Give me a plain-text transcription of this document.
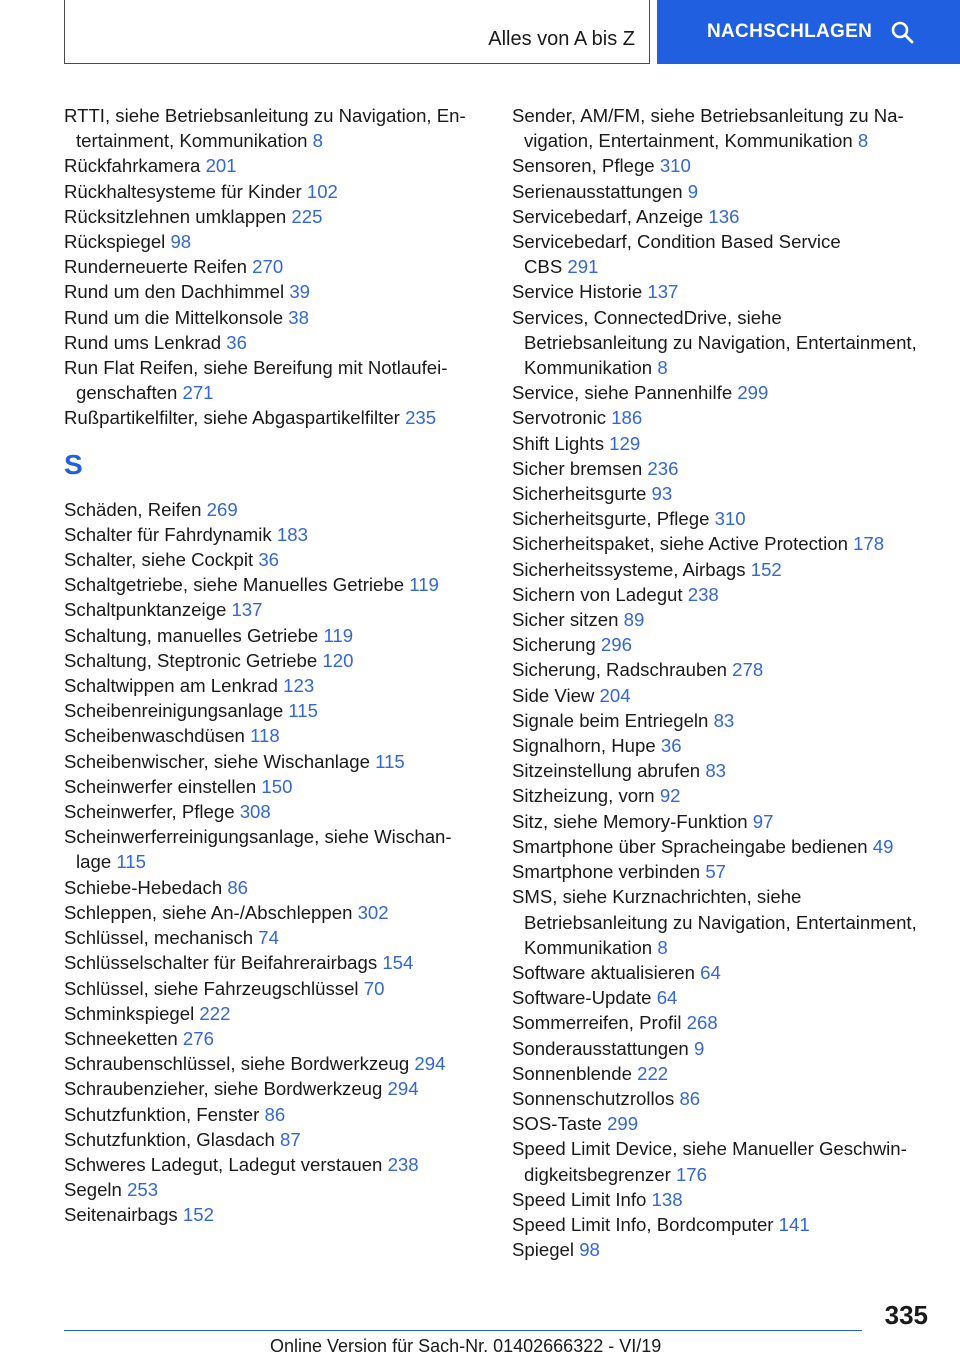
Alles von A bis Z	NACHSCHLAGEN
RTTI, siehe Betriebsanleitung zu Navigation, En-
tertainment, Kommunikation 8
Rückfahrkamera 201
Rückhaltesysteme für Kinder 102
Rücksitzlehnen umklappen 225
Rückspiegel 98
Runderneuerte Reifen 270
Rund um den Dachhimmel 39
Rund um die Mittelkonsole 38
Rund ums Lenkrad 36
Run Flat Reifen, siehe Bereifung mit Notlaufei-
genschaften 271
Rußpartikelfilter, siehe Abgaspartikelfilter 235
S
Schäden, Reifen 269
Schalter für Fahrdynamik 183
Schalter, siehe Cockpit 36
Schaltgetriebe, siehe Manuelles Getriebe 119
Schaltpunktanzeige 137
Schaltung, manuelles Getriebe 119
Schaltung, Steptronic Getriebe 120
Schaltwippen am Lenkrad 123
Scheibenreinigungsanlage 115
Scheibenwaschdüsen 118
Scheibenwischer, siehe Wischanlage 115
Scheinwerfer einstellen 150
Scheinwerfer, Pflege 308
Scheinwerferreinigungsanlage, siehe Wischan-
lage 115
Schiebe-Hebedach 86
Schleppen, siehe An-/Abschleppen 302
Schlüssel, mechanisch 74
Schlüsselschalter für Beifahrerairbags 154
Schlüssel, siehe Fahrzeugschlüssel 70
Schminkspiegel 222
Schneeketten 276
Schraubenschlüssel, siehe Bordwerkzeug 294
Schraubenzieher, siehe Bordwerkzeug 294
Schutzfunktion, Fenster 86
Schutzfunktion, Glasdach 87
Schweres Ladegut, Ladegut verstauen 238
Segeln 253
Seitenairbags 152
Sender, AM/FM, siehe Betriebsanleitung zu Na-
vigation, Entertainment, Kommunikation 8
Sensoren, Pflege 310
Serienausstattungen 9
Servicebedarf, Anzeige 136
Servicebedarf, Condition Based Service
CBS 291
Service Historie 137
Services, ConnectedDrive, siehe
Betriebsanleitung zu Navigation, Entertainment,
Kommunikation 8
Service, siehe Pannenhilfe 299
Servotronic 186
Shift Lights 129
Sicher bremsen 236
Sicherheitsgurte 93
Sicherheitsgurte, Pflege 310
Sicherheitspaket, siehe Active Protection 178
Sicherheitssysteme, Airbags 152
Sichern von Ladegut 238
Sicher sitzen 89
Sicherung 296
Sicherung, Radschrauben 278
Side View 204
Signale beim Entriegeln 83
Signalhorn, Hupe 36
Sitzeinstellung abrufen 83
Sitzheizung, vorn 92
Sitz, siehe Memory-Funktion 97
Smartphone über Spracheingabe bedienen 49
Smartphone verbinden 57
SMS, siehe Kurznachrichten, siehe
Betriebsanleitung zu Navigation, Entertainment,
Kommunikation 8
Software aktualisieren 64
Software-Update 64
Sommerreifen, Profil 268
Sonderausstattungen 9
Sonnenblende 222
Sonnenschutzrollos 86
SOS-Taste 299
Speed Limit Device, siehe Manueller Geschwin-
digkeitsbegrenzer 176
Speed Limit Info 138
Speed Limit Info, Bordcomputer 141
Spiegel 98
335
Online Version für Sach-Nr. 01402666322 - VI/19
